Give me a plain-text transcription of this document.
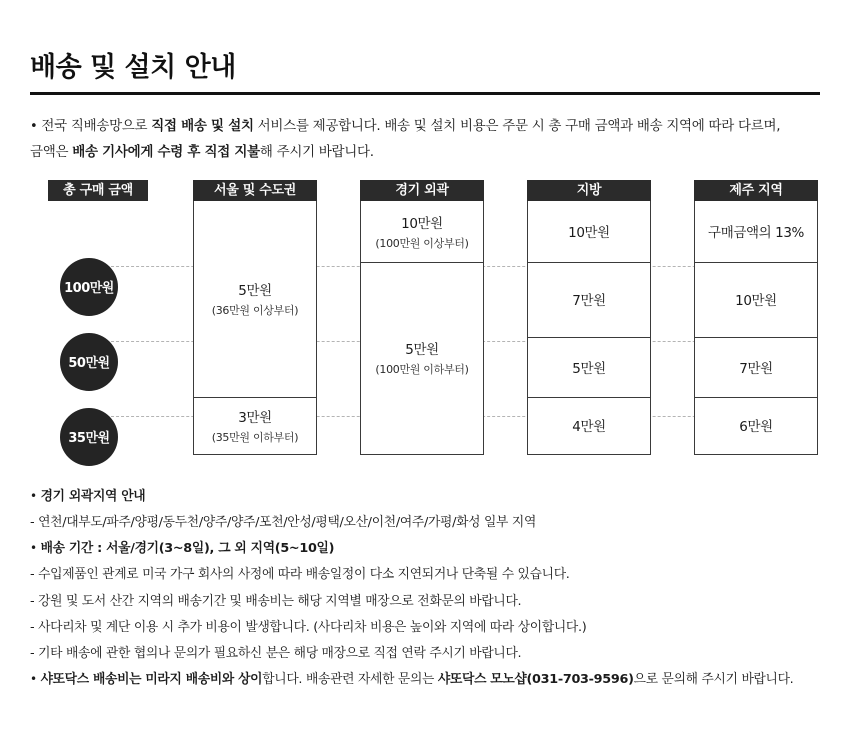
배송 및 설치 안내
• 전국 직배송망으로 직접 배송 및 설치 서비스를 제공합니다. 배송 및 설치 비용은 주문 시 총 구매 금액과 배송 지역에 따라 다르며,
금액은 배송 기사에게 수령 후 직접 지불해 주시기 바랍니다.
총 구매 금액
100만원
50만원
35만원
서울 및 수도권
5만원
(36만원 이상부터)
3만원
(35만원 이하부터)
경기 외곽
10만원
(100만원 이상부터)
5만원
(100만원 이하부터)
지방
10만원
7만원
5만원
4만원
제주 지역
구매금액의 13%
10만원
7만원
6만원
• 경기 외곽지역 안내
- 연천/대부도/파주/양평/동두천/양주/양주/포천/안성/평택/오산/이천/여주/가평/화성 일부 지역
• 배송 기간 : 서울/경기(3~8일), 그 외 지역(5~10일)
- 수입제품인 관계로 미국 가구 회사의 사정에 따라 배송일정이 다소 지연되거나 단축될 수 있습니다.
- 강원 및 도서 산간 지역의 배송기간 및 배송비는 해당 지역별 매장으로 전화문의 바랍니다.
- 사다리차 및 계단 이용 시 추가 비용이 발생합니다. (사다리차 비용은 높이와 지역에 따라 상이합니다.)
- 기타 배송에 관한 협의나 문의가 필요하신 분은 해당 매장으로 직접 연락 주시기 바랍니다.
• 샤또닥스 배송비는 미라지 배송비와 상이합니다. 배송관련 자세한 문의는 샤또닥스 모노샵(031-703-9596)으로 문의해 주시기 바랍니다.
